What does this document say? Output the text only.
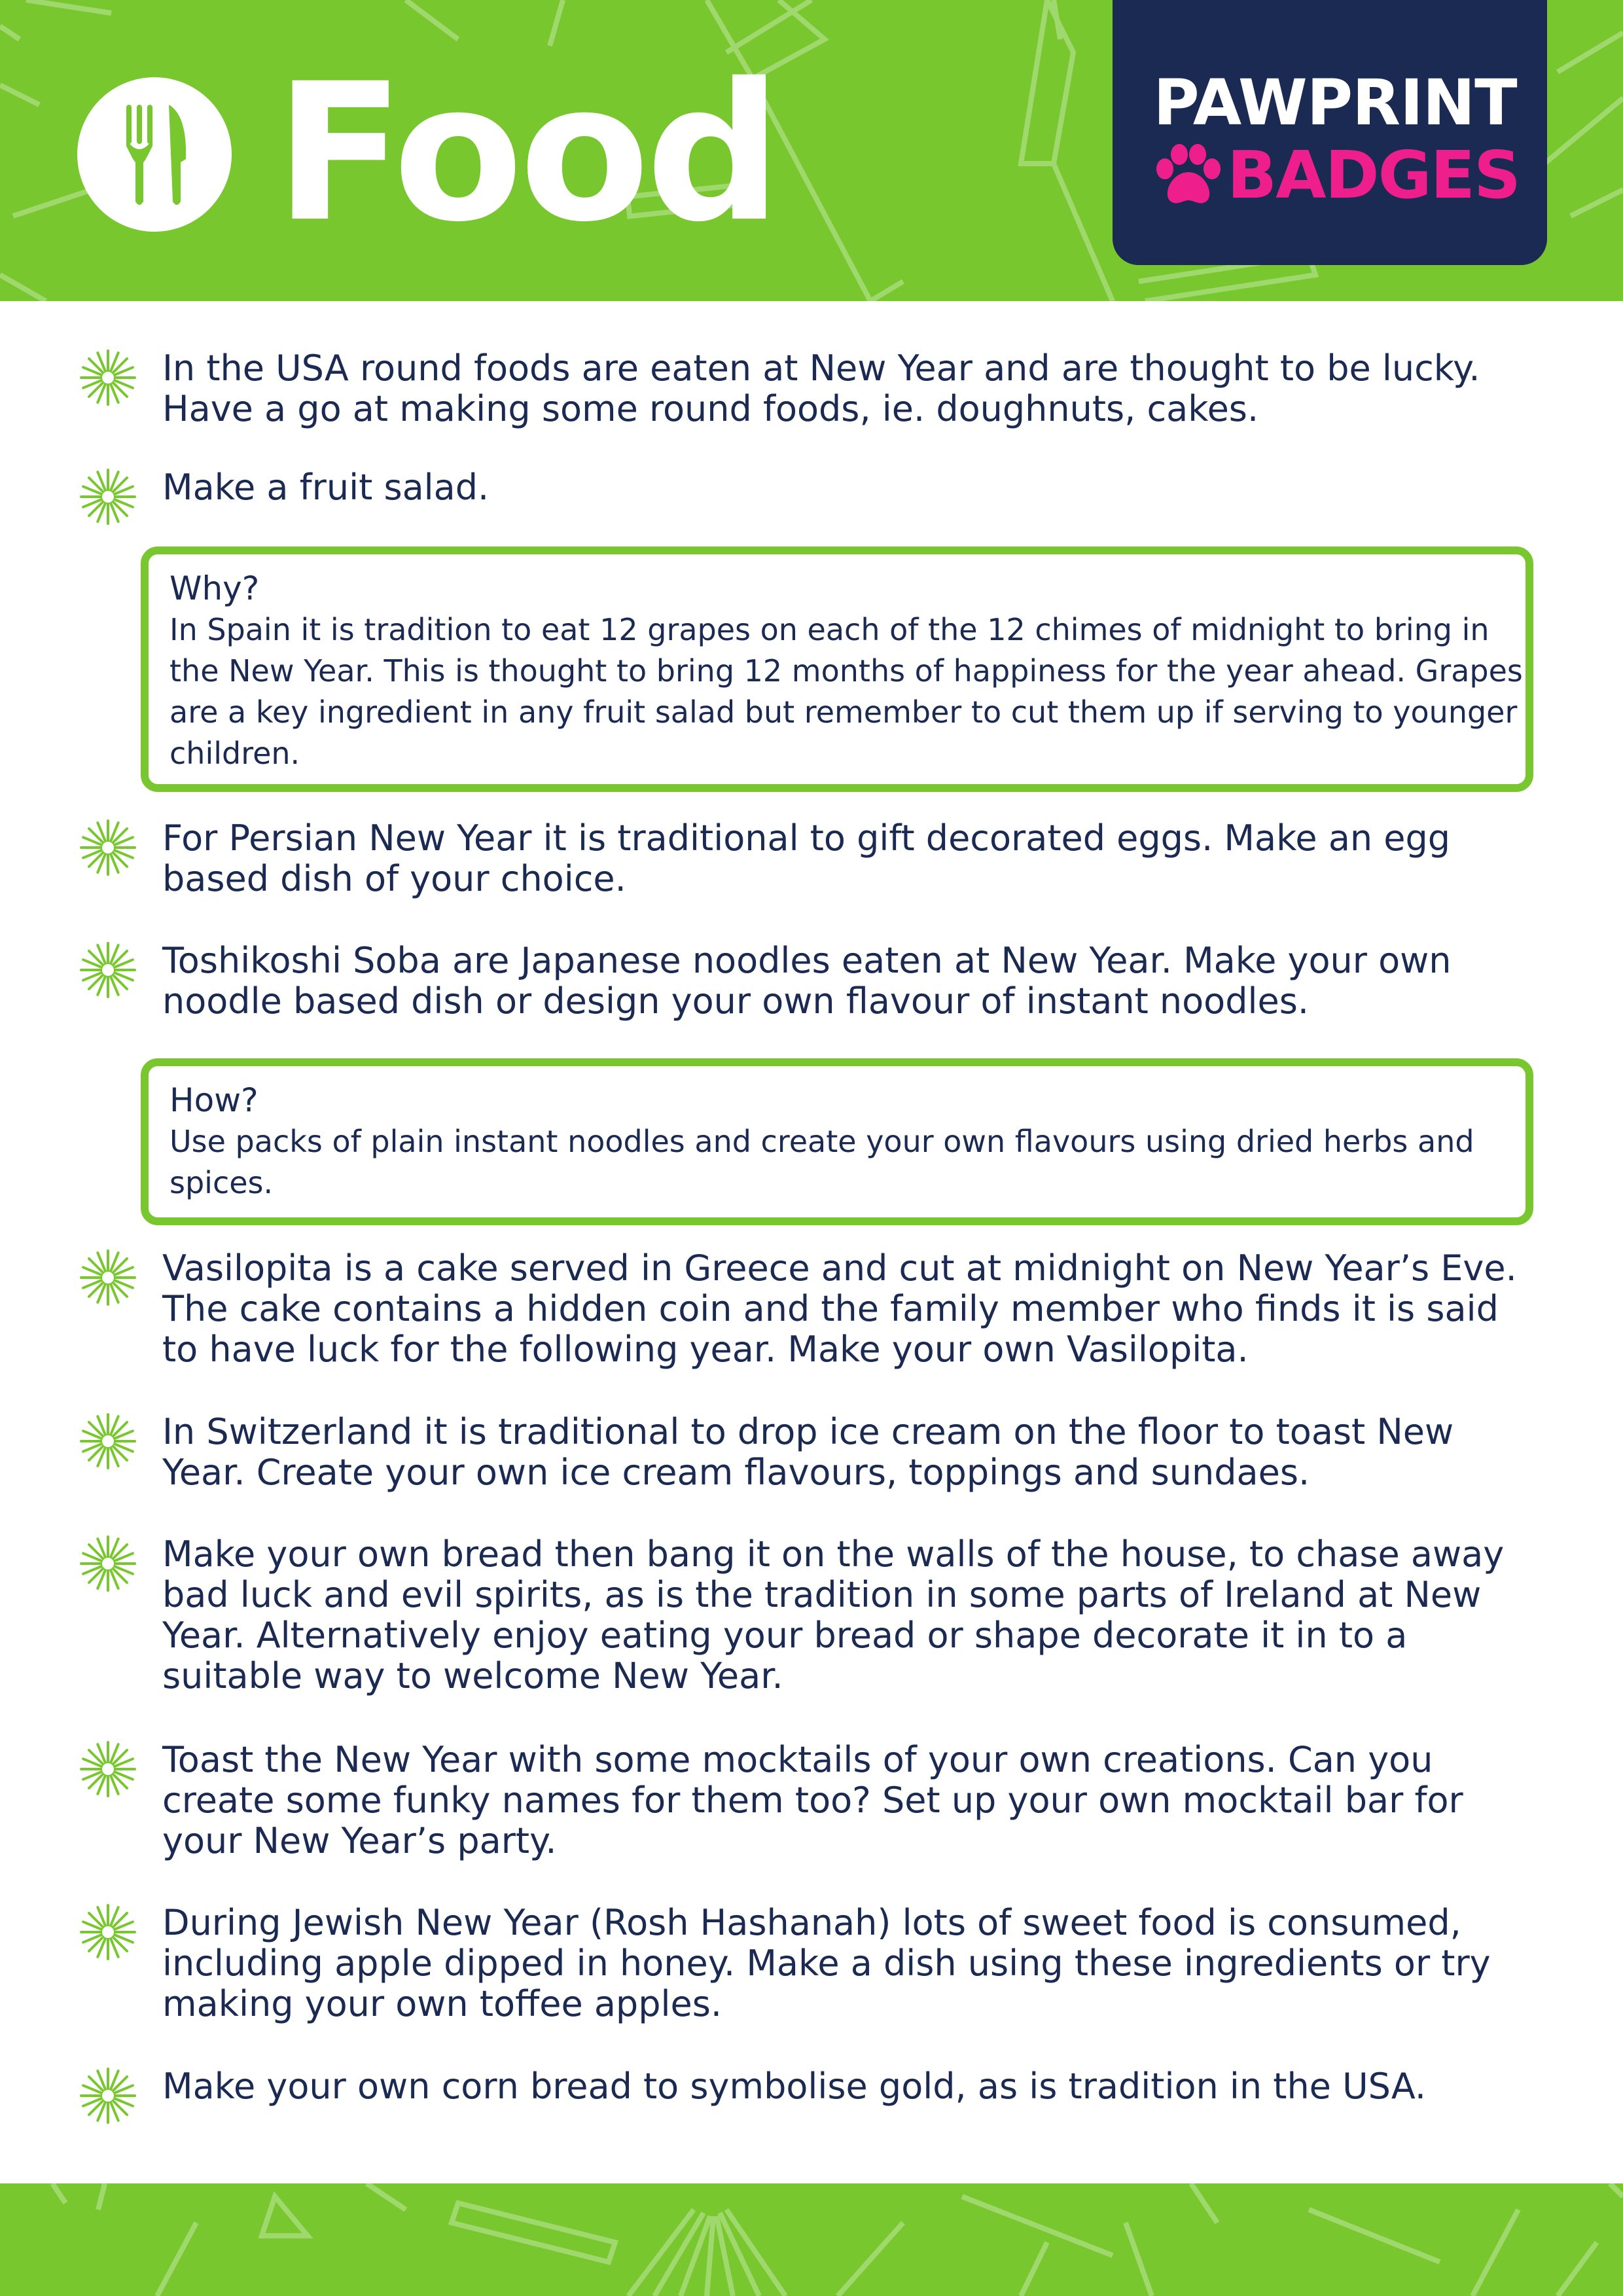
Food	PAWPRINT
BADGES

In the USA round foods are eaten at New Year and are thought to be lucky.
Have a go at making some round foods, ie. doughnuts, cakes.

Make a fruit salad.

Why?

In Spain it is tradition to eat 12 grapes on each of the 12 chimes of midnight to bring in
the New Year. This is thought to bring 12 months of happiness for the year ahead. Grapes
are a key ingredient in any fruit salad but remember to cut them up if serving to younger
children.

For Persian New Year it is traditional to gift decorated eggs. Make an egg
based dish of your choice.

Toshikoshi Soba are Japanese noodles eaten at New Year. Make your own
noodle based dish or design your own flavour of instant noodles.

How?

Use packs of plain instant noodles and create your own flavours using dried herbs and
spices.

Vasilopita is a cake served in Greece and cut at midnight on New Year’s Eve.
The cake contains a hidden coin and the family member who finds it is said
to have luck for the following year. Make your own Vasilopita.

In Switzerland it is traditional to drop ice cream on the floor to toast New
Year. Create your own ice cream flavours, toppings and sundaes.

Make your own bread then bang it on the walls of the house, to chase away
bad luck and evil spirits, as is the tradition in some parts of Ireland at New
Year. Alternatively enjoy eating your bread or shape decorate it in to a
suitable way to welcome New Year.

Toast the New Year with some mocktails of your own creations. Can you
create some funky names for them too? Set up your own mocktail bar for
your New Year’s party.

During Jewish New Year (Rosh Hashanah) lots of sweet food is consumed,
including apple dipped in honey. Make a dish using these ingredients or try
making your own toffee apples.

Make your own corn bread to symbolise gold, as is tradition in the USA.
